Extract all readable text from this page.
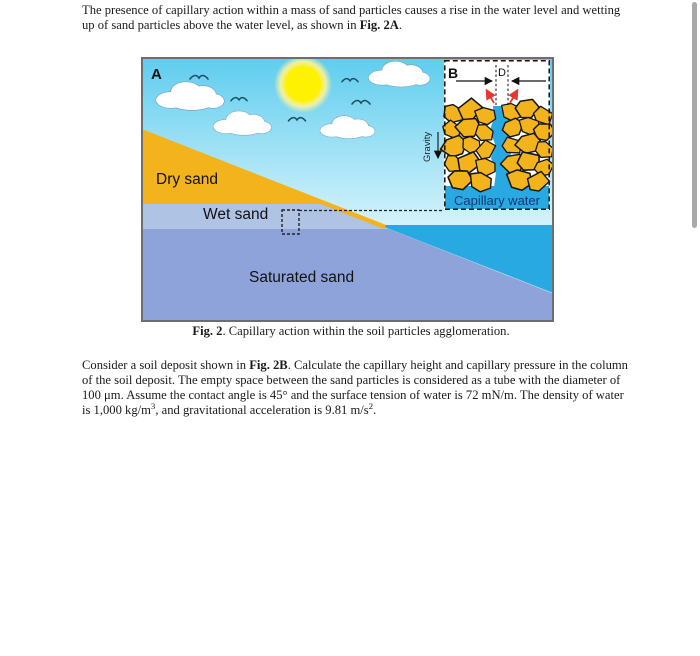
The presence of capillary action within a mass of sand particles causes a rise in the water level and wetting
up of sand particles above the water level, as shown in Fig. 2A.
A
Dry sand
Wet sand
Saturated sand
Gravity
D
B
Capillary water
Fig. 2. Capillary action within the soil particles agglomeration.
Consider a soil deposit shown in Fig. 2B. Calculate the capillary height and capillary pressure in the column
of the soil deposit. The empty space between the sand particles is considered as a tube with the diameter of
100 μm. Assume the contact angle is 45° and the surface tension of water is 72 mN/m. The density of water
is 1,000 $kg/m^3$, and gravitational acceleration is 9.81 $m/s^2$.
